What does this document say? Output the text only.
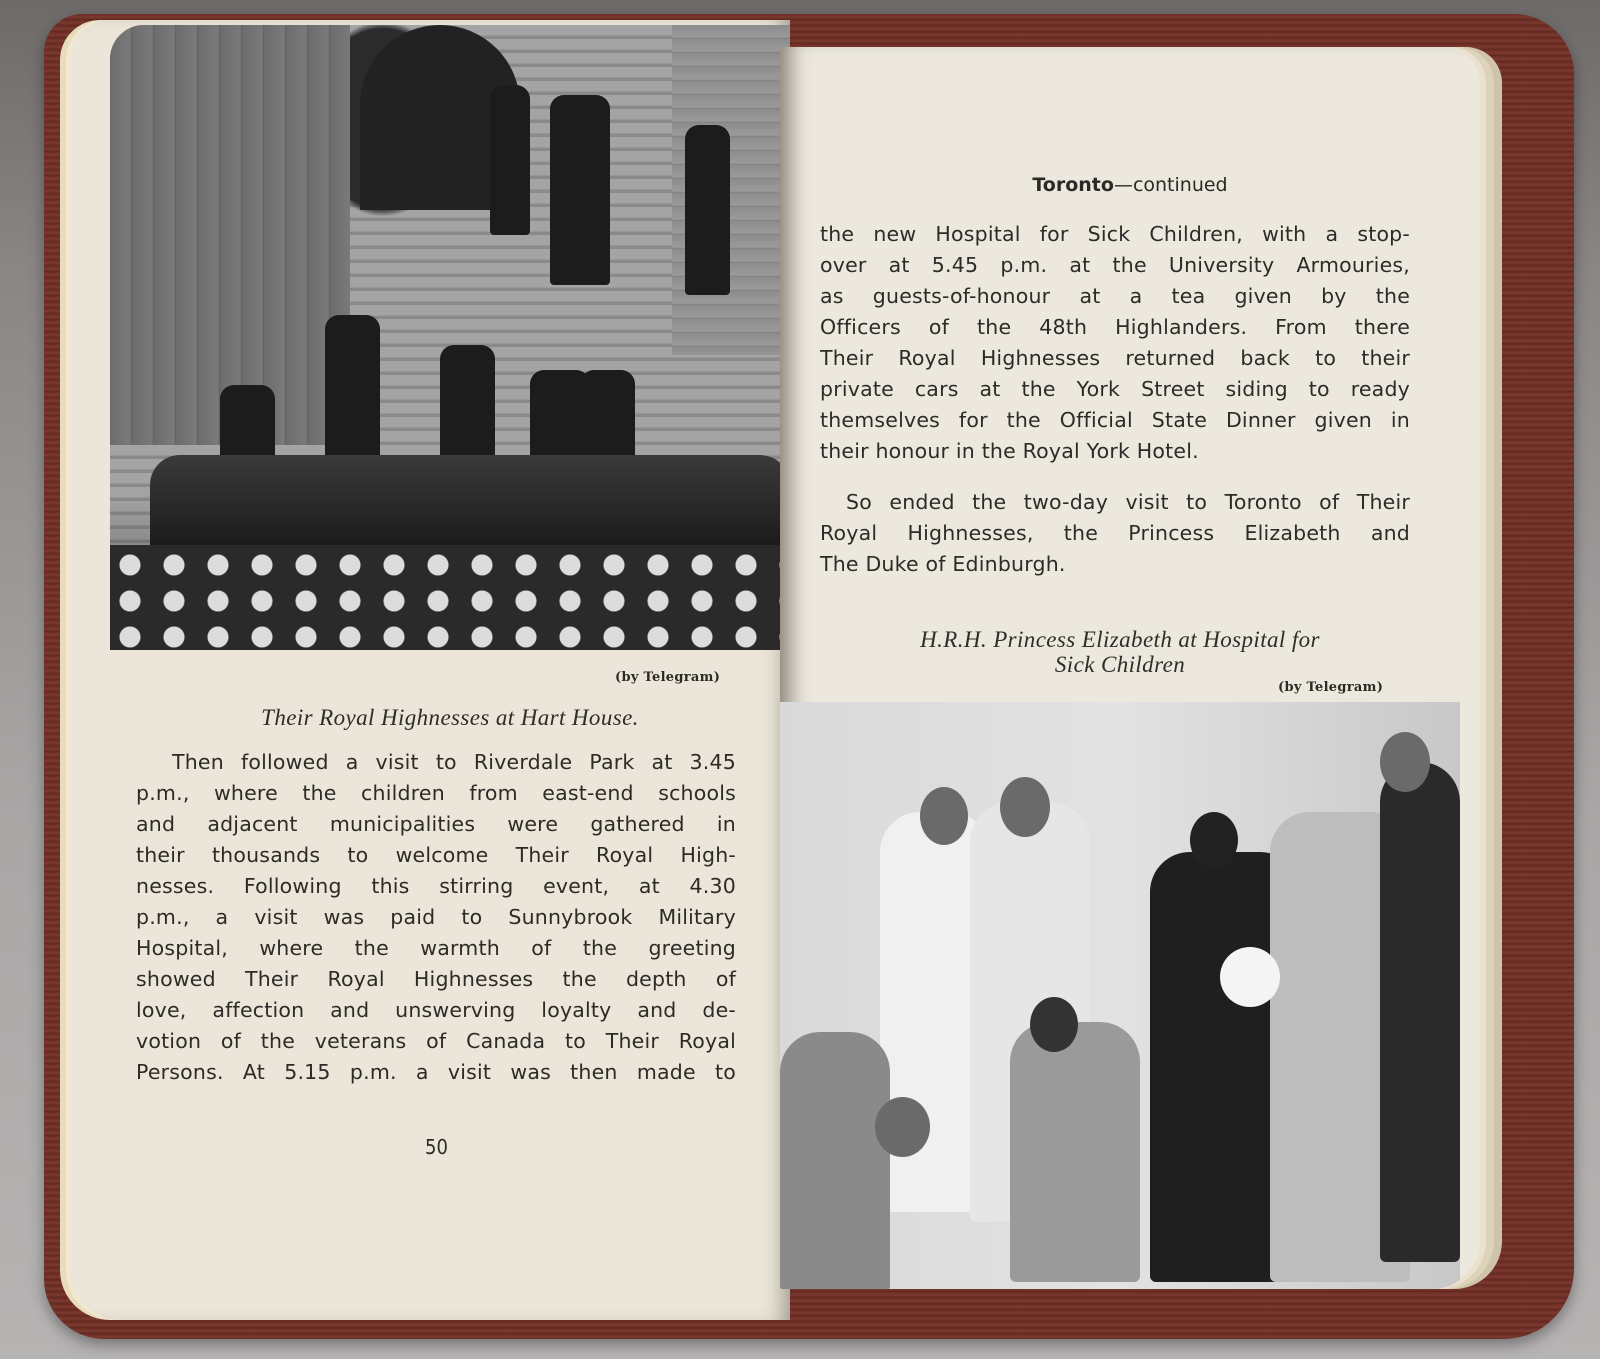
(by Telegram)
Their Royal Highnesses at Hart House.
Then followed a visit to Riverdale Park at 3.45
p.m., where the children from east-end schools
and adjacent municipalities were gathered in
their thousands to welcome Their Royal High-
nesses. Following this stirring event, at 4.30
p.m., a visit was paid to Sunnybrook Military
Hospital, where the warmth of the greeting
showed Their Royal Highnesses the depth of
love, affection and unswerving loyalty and de-
votion of the veterans of Canada to Their Royal
Persons. At 5.15 p.m. a visit was then made to
50
Toronto—continued
the new Hospital for Sick Children, with a stop-
over at 5.45 p.m. at the University Armouries,
as guests-of-honour at a tea given by the
Officers of the 48th Highlanders. From there
Their Royal Highnesses returned back to their
private cars at the York Street siding to ready
themselves for the Official State Dinner given in
their honour in the Royal York Hotel.
So ended the two-day visit to Toronto of Their
Royal Highnesses, the Princess Elizabeth and
The Duke of Edinburgh.
H.R.H. Princess Elizabeth at Hospital for
Sick Children
(by Telegram)
